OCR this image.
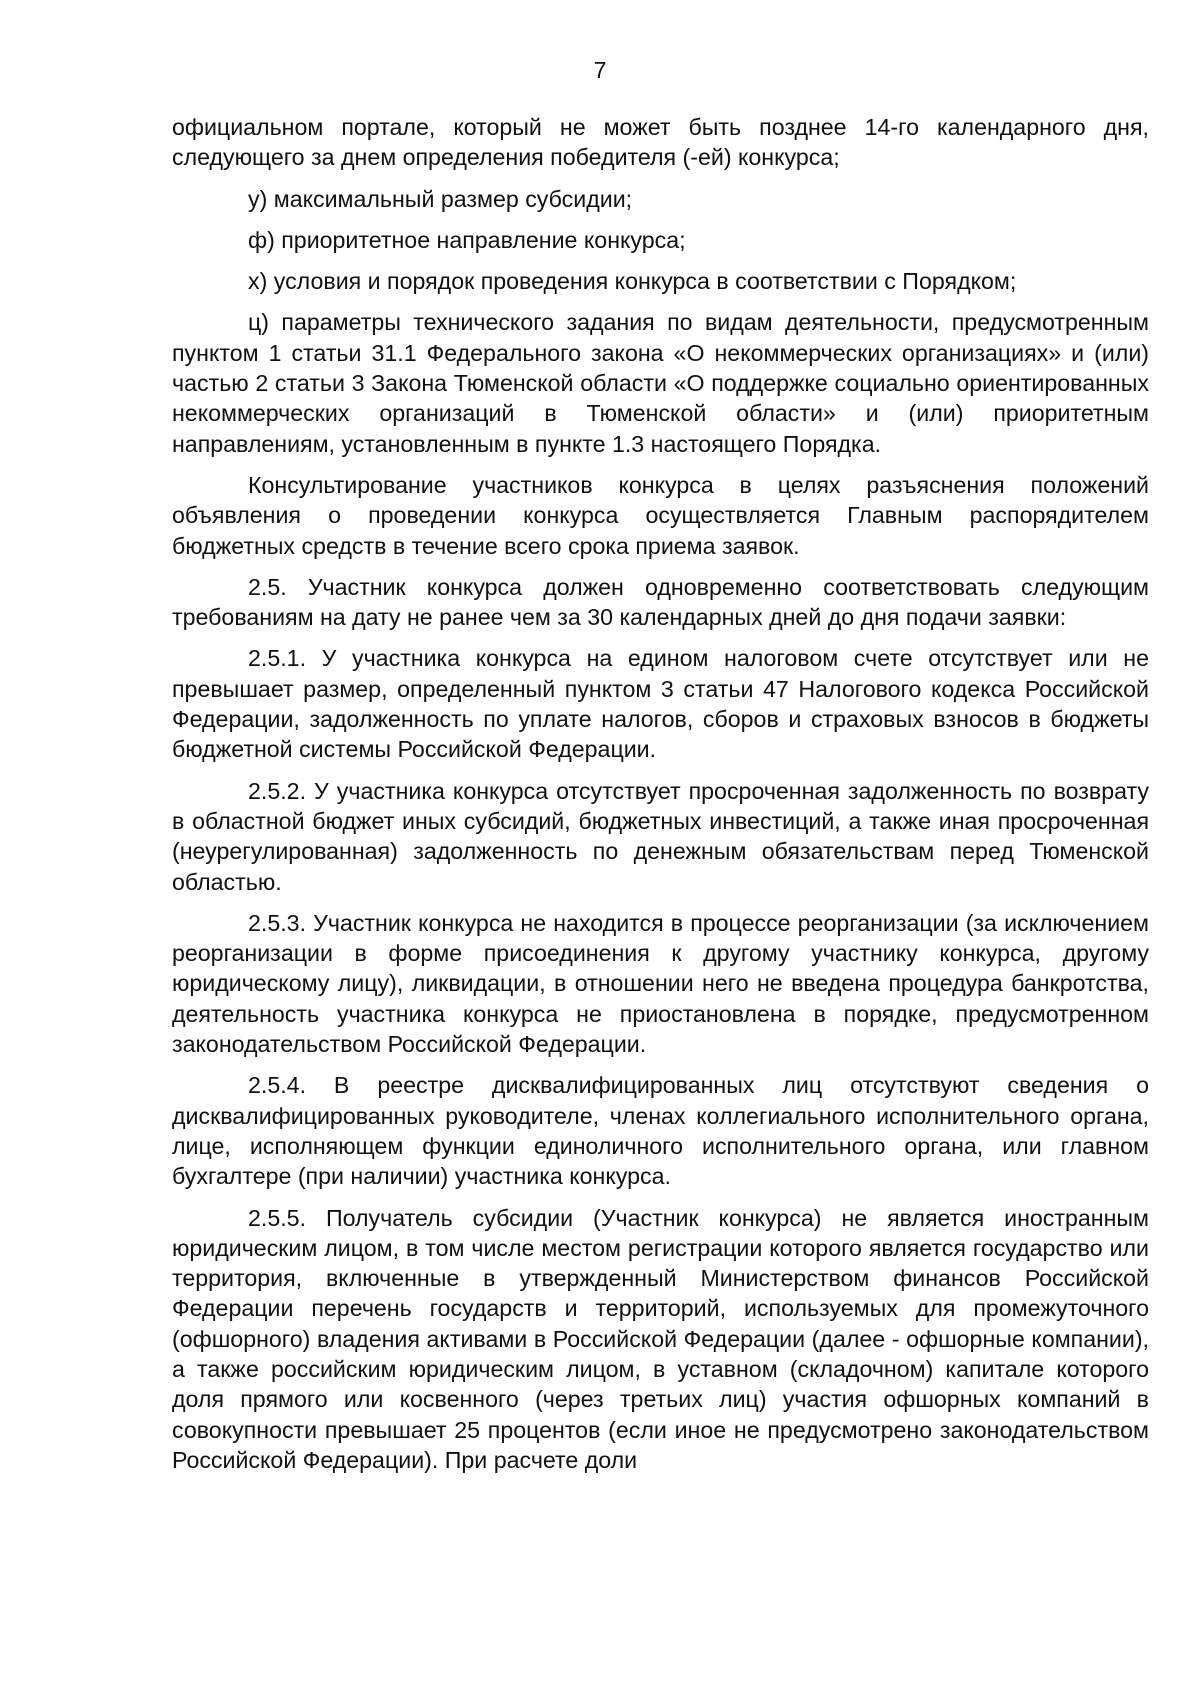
7

официальном портале, который не может быть позднее 14-го календарного дня, следующего за днем определения победителя (-ей) конкурса;

у) максимальный размер субсидии;

ф) приоритетное направление конкурса;

х) условия и порядок проведения конкурса в соответствии с Порядком;

ц) параметры технического задания по видам деятельности, предусмотренным пунктом 1 статьи 31.1 Федерального закона «О некоммерческих организациях» и (или) частью 2 статьи 3 Закона Тюменской области «О поддержке социально ориентированных некоммерческих организаций в Тюменской области» и (или) приоритетным направлениям, установленным в пункте 1.3 настоящего Порядка.

Консультирование участников конкурса в целях разъяснения положений объявления о проведении конкурса осуществляется Главным распорядителем бюджетных средств в течение всего срока приема заявок.

2.5. Участник конкурса должен одновременно соответствовать следующим требованиям на дату не ранее чем за 30 календарных дней до дня подачи заявки:

2.5.1. У участника конкурса на едином налоговом счете отсутствует или не превышает размер, определенный пунктом 3 статьи 47 Налогового кодекса Российской Федерации, задолженность по уплате налогов, сборов и страховых взносов в бюджеты бюджетной системы Российской Федерации.

2.5.2. У участника конкурса отсутствует просроченная задолженность по возврату в областной бюджет иных субсидий, бюджетных инвестиций, а также иная просроченная (неурегулированная) задолженность по денежным обязательствам перед Тюменской областью.

2.5.3. Участник конкурса не находится в процессе реорганизации (за исключением реорганизации в форме присоединения к другому участнику конкурса, другому юридическому лицу), ликвидации, в отношении него не введена процедура банкротства, деятельность участника конкурса не приостановлена в порядке, предусмотренном законодательством Российской Федерации.

2.5.4. В реестре дисквалифицированных лиц отсутствуют сведения о дисквалифицированных руководителе, членах коллегиального исполнительного органа, лице, исполняющем функции единоличного исполнительного органа, или главном бухгалтере (при наличии) участника конкурса.

2.5.5. Получатель субсидии (Участник конкурса) не является иностранным юридическим лицом, в том числе местом регистрации которого является государство или территория, включенные в утвержденный Министерством финансов Российской Федерации перечень государств и территорий, используемых для промежуточного (офшорного) владения активами в Российской Федерации (далее - офшорные компании), а также российским юридическим лицом, в уставном (складочном) капитале которого доля прямого или косвенного (через третьих лиц) участия офшорных компаний в совокупности превышает 25 процентов (если иное не предусмотрено законодательством Российской Федерации). При расчете доли
